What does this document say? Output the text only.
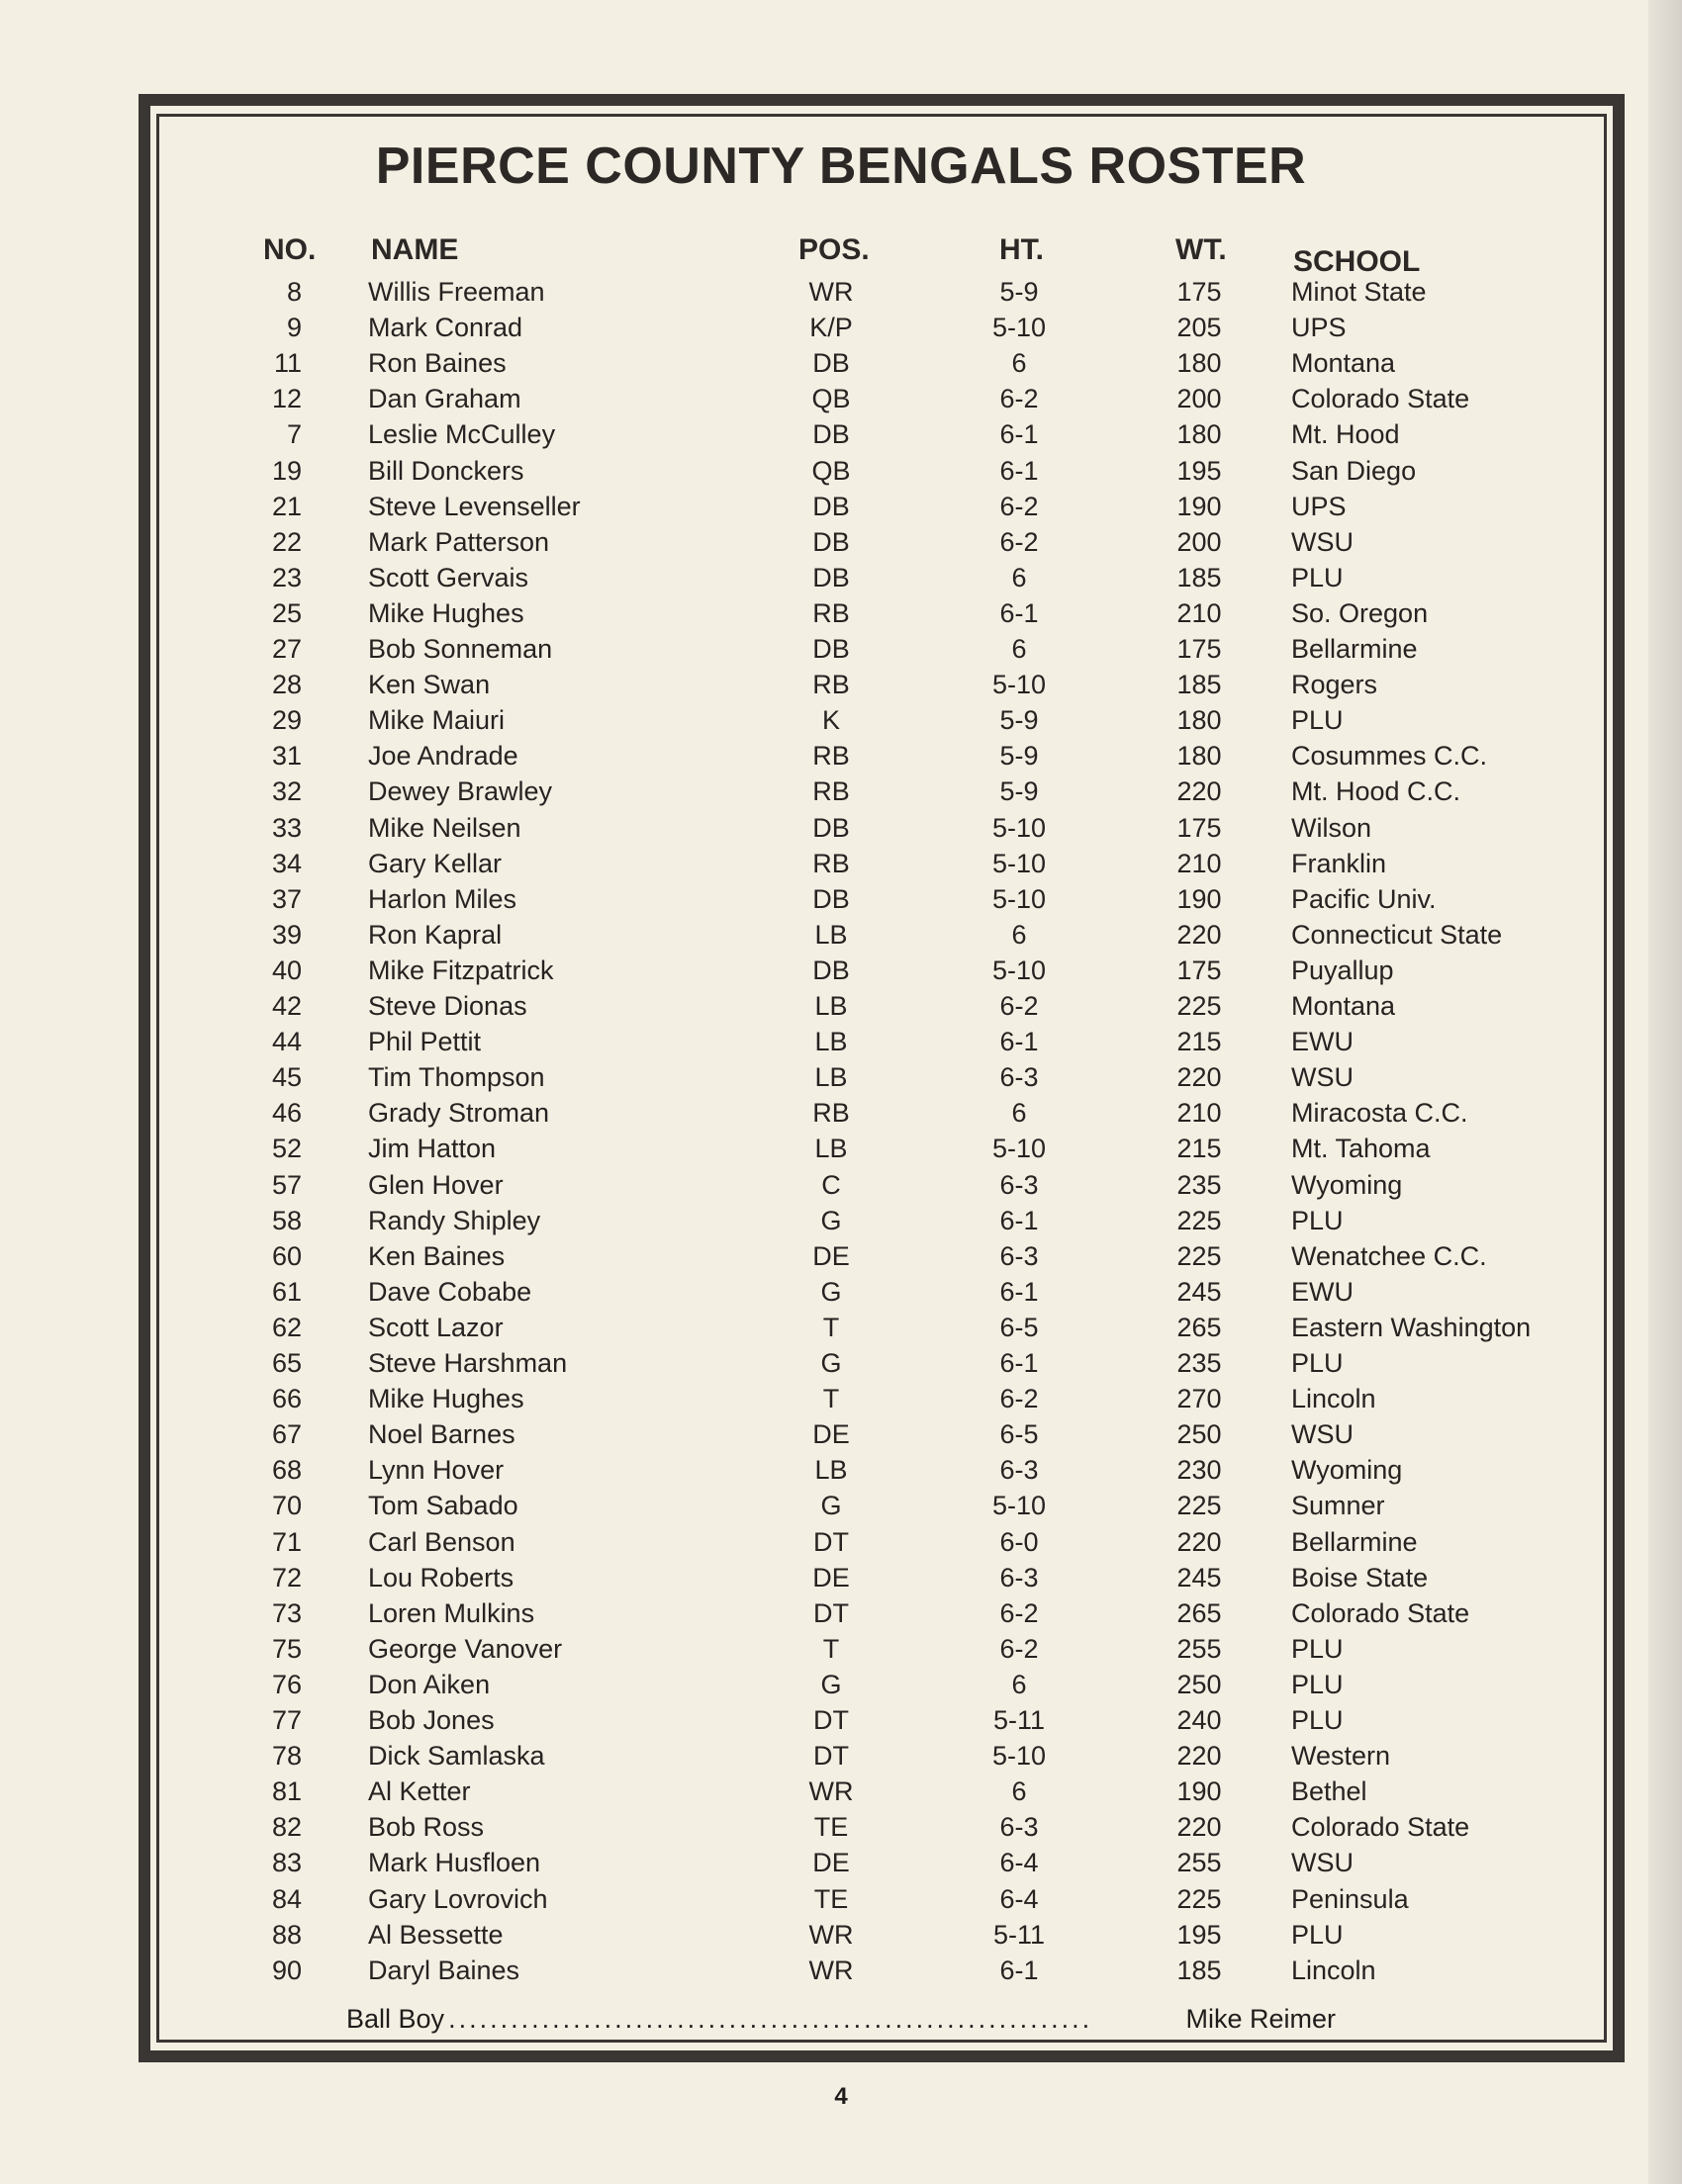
PIERCE COUNTY BENGALS ROSTER
NO. NAME	POS.	HT.	WT. SCHOOL
8 Willis Freeman	WR	5-9	175	Minot State
9 Mark Conrad	K/P	5-10	205	UPS
11 Ron Baines	DB	6	180	Montana
12 Dan Graham	QB	6-2	200	Colorado State
7 Leslie McCulley	DB	6-1	180	Mt. Hood
19 Bill Donckers	QB	6-1	195	San Diego
21 Steve Levenseller	DB	6-2	190	UPS
22 Mark Patterson	DB	6-2	200	WSU
23 Scott Gervais	DB	6	185	PLU
25 Mike Hughes	RB	6-1	210	So. Oregon
27 Bob Sonneman	DB	6	175	Bellarmine
28 Ken Swan	RB	5-10	185	Rogers
29 Mike Maiuri	K	5-9	180	PLU
31 Joe Andrade	RB	5-9	180	Cosummes C.C.
32 Dewey Brawley	RB	5-9	220	Mt. Hood C.C.
33 Mike Neilsen	DB	5-10	175	Wilson
34 Gary Kellar	RB	5-10	210	Franklin
37 Harlon Miles	DB	5-10	190	Pacific Univ.
39 Ron Kapral	LB	6	220	Connecticut State
40 Mike Fitzpatrick	DB	5-10	175	Puyallup
42 Steve Dionas	LB	6-2	225	Montana
44 Phil Pettit	LB	6-1	215	EWU
45 Tim Thompson	LB	6-3	220	WSU
46 Grady Stroman	RB	6	210	Miracosta C.C.
52 Jim Hatton	LB	5-10	215	Mt. Tahoma
57 Glen Hover	C	6-3	235	Wyoming
58 Randy Shipley	G	6-1	225	PLU
60 Ken Baines	DE	6-3	225	Wenatchee C.C.
61 Dave Cobabe	G	6-1	245	EWU
62 Scott Lazor	T	6-5	265	Eastern Washington
65 Steve Harshman	G	6-1	235	PLU
66 Mike Hughes	T	6-2	270	Lincoln
67 Noel Barnes	DE	6-5	250	WSU
68 Lynn Hover	LB	6-3	230	Wyoming
70 Tom Sabado	G	5-10	225	Sumner
71 Carl Benson	DT	6-0	220	Bellarmine
72 Lou Roberts	DE	6-3	245	Boise State
73 Loren Mulkins	DT	6-2	265	Colorado State
75 George Vanover	T	6-2	255	PLU
76 Don Aiken	G	6	250	PLU
77 Bob Jones	DT	5-11	240	PLU
78 Dick Samlaska	DT	5-10	220	Western
81 Al Ketter	WR	6	190	Bethel
82 Bob Ross	TE	6-3	220	Colorado State
83 Mark Husfloen	DE	6-4	255	WSU
84 Gary Lovrovich	TE	6-4	225	Peninsula
88 Al Bessette	WR	5-11	195	PLU
90 Daryl Baines	WR	6-1	185	Lincoln
Ball Boy ..............................................................	Mike Reimer
4
